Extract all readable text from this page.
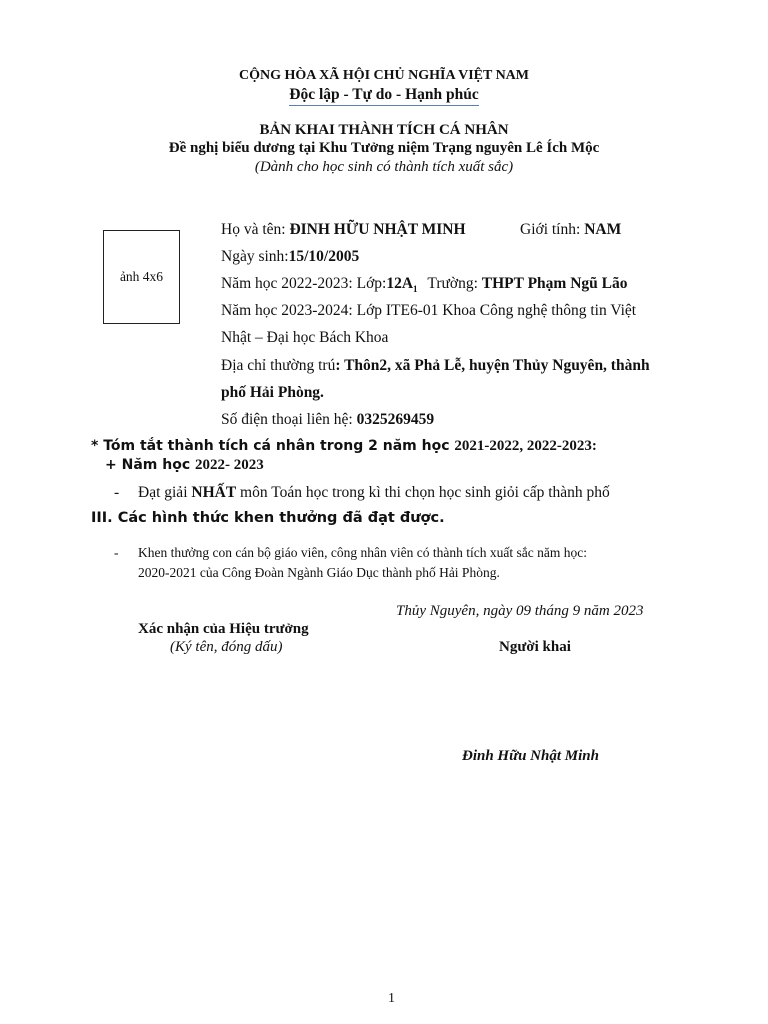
CỘNG HÒA XÃ HỘI CHỦ NGHĨA VIỆT NAM
Độc lập - Tự do - Hạnh phúc
BẢN KHAI THÀNH TÍCH CÁ NHÂN
Đề nghị biểu dương tại Khu Tưởng niệm Trạng nguyên Lê Ích Mộc
(Dành cho học sinh có thành tích xuất sắc)
ảnh 4x6
Họ và tên: ĐINH HỮU NHẬT MINH	Giới tính: NAM
Ngày sinh:15/10/2005
Năm học 2022-2023: $Lớp:12A_1$ Trường: THPT Phạm Ngũ Lão
Năm học 2023-2024: Lớp ITE6-01 Khoa Công nghệ thông tin Việt
Nhật – Đại học Bách Khoa
Địa chỉ thường trú: Thôn2, xã Phả Lễ, huyện Thủy Nguyên, thành
phố Hải Phòng.
Số điện thoại liên hệ: 0325269459
* Tóm tắt thành tích cá nhân trong 2 năm học 2021-2022, 2022-2023:
+ Năm học 2022- 2023
- Đạt giải NHẤT môn Toán học trong kì thi chọn học sinh giỏi cấp thành phố
III. Các hình thức khen thưởng đã đạt được.
- Khen thưởng con cán bộ giáo viên, công nhân viên có thành tích xuất sắc năm học:
2020-2021 của Công Đoàn Ngành Giáo Dục thành phố Hải Phòng.
Thủy Nguyên, ngày 09 tháng 9 năm 2023
Xác nhận của Hiệu trưởng
(Ký tên, đóng dấu)	Người khai
Đinh Hữu Nhật Minh
1
